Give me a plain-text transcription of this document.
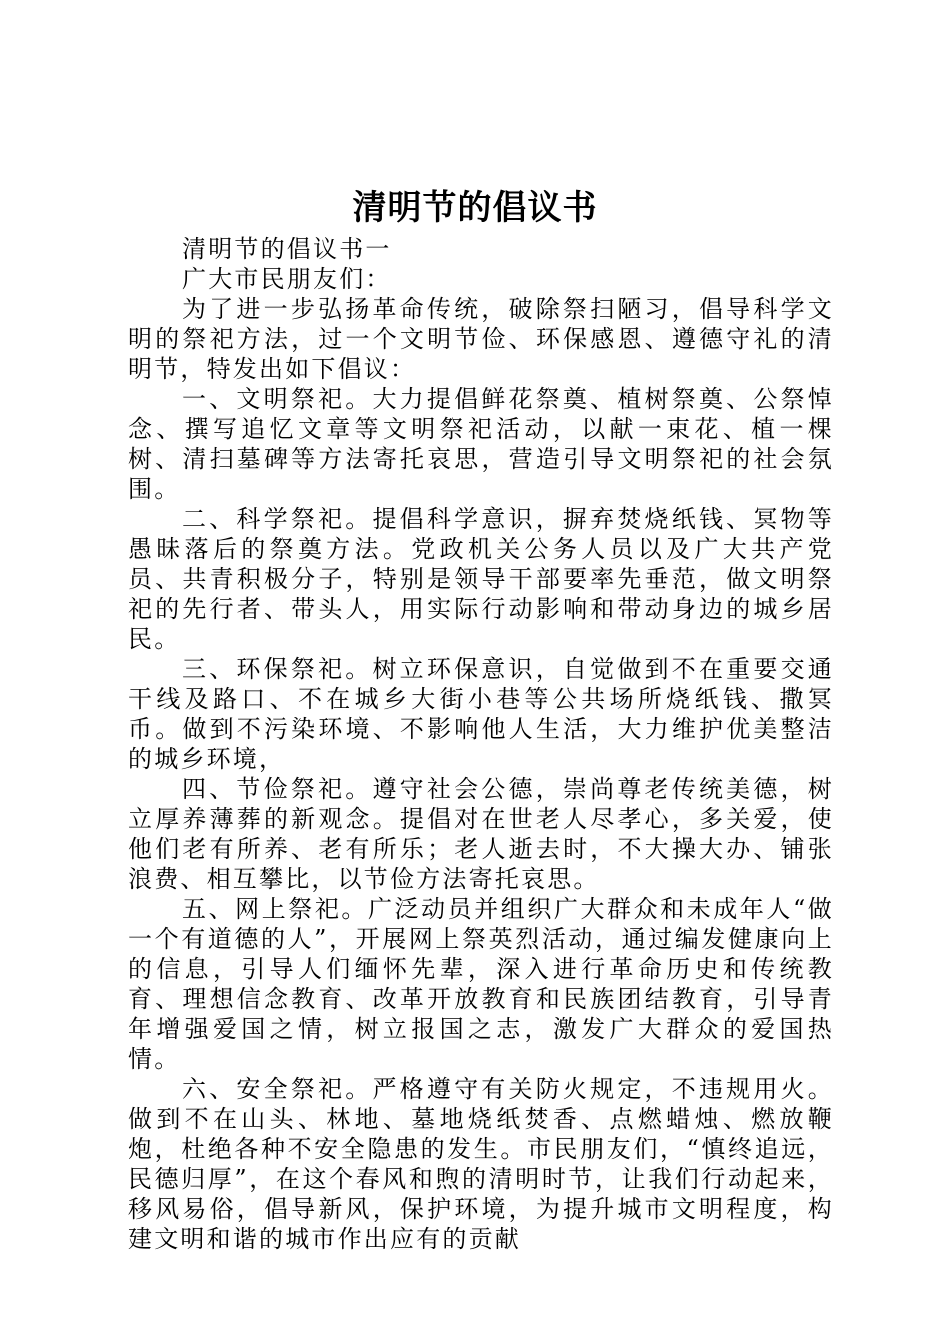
清明节的倡议书

清明节的倡议书一

广大市民朋友们：

为了进一步弘扬革命传统，破除祭扫陋习，倡导科学文明的祭祀方法，过一个文明节俭、环保感恩、遵德守礼的清明节，特发出如下倡议：

一、文明祭祀。大力提倡鲜花祭奠、植树祭奠、公祭悼念、撰写追忆文章等文明祭祀活动，以献一束花、植一棵树、清扫墓碑等方法寄托哀思，营造引导文明祭祀的社会氛围。

二、科学祭祀。提倡科学意识，摒弃焚烧纸钱、冥物等愚昧落后的祭奠方法。党政机关公务人员以及广大共产党员、共青积极分子，特别是领导干部要率先垂范，做文明祭祀的先行者、带头人，用实际行动影响和带动身边的城乡居民。

三、环保祭祀。树立环保意识，自觉做到不在重要交通干线及路口、不在城乡大街小巷等公共场所烧纸钱、撒冥币。做到不污染环境、不影响他人生活，大力维护优美整洁的城乡环境，

四、节俭祭祀。遵守社会公德，崇尚尊老传统美德，树立厚养薄葬的新观念。提倡对在世老人尽孝心，多关爱，使他们老有所养、老有所乐；老人逝去时，不大操大办、铺张浪费、相互攀比，以节俭方法寄托哀思。

五、网上祭祀。广泛动员并组织广大群众和未成年人“做一个有道德的人”，开展网上祭英烈活动，通过编发健康向上的信息，引导人们缅怀先辈，深入进行革命历史和传统教育、理想信念教育、改革开放教育和民族团结教育，引导青年增强爱国之情，树立报国之志，激发广大群众的爱国热情。

六、安全祭祀。严格遵守有关防火规定，不违规用火。做到不在山头、林地、墓地烧纸焚香、点燃蜡烛、燃放鞭炮，杜绝各种不安全隐患的发生。市民朋友们，“慎终追远，民德归厚”，在这个春风和煦的清明时节，让我们行动起来，移风易俗，倡导新风，保护环境，为提升城市文明程度，构建文明和谐的城市作出应有的贡献
